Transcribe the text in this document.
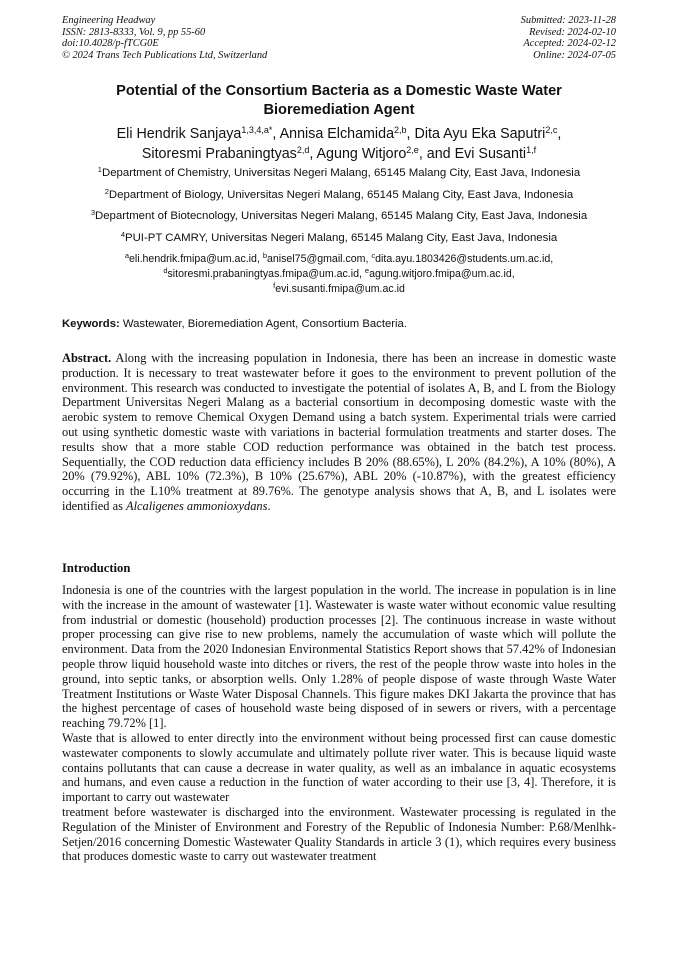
Engineering Headway
ISSN: 2813-8333, Vol. 9, pp 55-60
doi:10.4028/p-fTCG0E
© 2024 Trans Tech Publications Ltd, Switzerland
Submitted: 2023-11-28
Revised: 2024-02-10
Accepted: 2024-02-12
Online: 2024-07-05
Potential of the Consortium Bacteria as a Domestic Waste Water
Bioremediation Agent
Eli Hendrik Sanjaya$^{1,3,4,a*}$, Annisa Elchamida$^{2,b}$, Dita Ayu Eka Saputri$^{2,c}$,
Sitoresmi Prabaningtyas$^{2,d}$, Agung Witjoro$^{2,e}$, and Evi Susanti$^{1,f}$
$^1$Department of Chemistry, Universitas Negeri Malang, 65145 Malang City, East Java, Indonesia
$^2$Department of Biology, Universitas Negeri Malang, 65145 Malang City, East Java, Indonesia
$^3$Department of Biotecnology, Universitas Negeri Malang, 65145 Malang City, East Java, Indonesia
$^4$PUI-PT CAMRY, Universitas Negeri Malang, 65145 Malang City, East Java, Indonesia
$^a$eli.hendrik.fmipa@um.ac.id, $^b$anisel75@gmail.com, $^c$dita.ayu.1803426@students.um.ac.id,
$^d$sitoresmi.prabaningtyas.fmipa@um.ac.id, $^e$agung.witjoro.fmipa@um.ac.id,
$^f$evi.susanti.fmipa@um.ac.id
Keywords: Wastewater, Bioremediation Agent, Consortium Bacteria.
Abstract. Along with the increasing population in Indonesia, there has been an increase in domestic waste production. It is necessary to treat wastewater before it goes to the environment to prevent pollution of the environment. This research was conducted to investigate the potential of isolates A, B, and L from the Biology Department Universitas Negeri Malang as a bacterial consortium in decomposing domestic waste with the aerobic system to remove Chemical Oxygen Demand using a batch system. Experimental trials were carried out using synthetic domestic waste with variations in bacterial formulation treatments and starter doses. The results show that a more stable COD reduction performance was obtained in the batch test process. Sequentially, the COD reduction data efficiency includes B 20% (88.65%), L 20% (84.2%), A 10% (80%), A 20% (79.92%), ABL 10% (72.3%), B 10% (25.67%), ABL 20% (-10.87%), with the greatest efficiency occurring in the L10% treatment at 89.76%. The genotype analysis shows that A, B, and L isolates were identified as Alcaligenes ammonioxydans.
Introduction

Indonesia is one of the countries with the largest population in the world. The increase in population is in line with the increase in the amount of wastewater [1]. Wastewater is waste water without economic value resulting from industrial or domestic (household) production processes [2]. The continuous increase in waste without proper processing can give rise to new problems, namely the accumulation of waste which will pollute the environment. Data from the 2020 Indonesian Environmental Statistics Report shows that 57.42% of Indonesian people throw liquid household waste into ditches or rivers, the rest of the people throw waste into holes in the ground, into septic tanks, or absorption wells. Only 1.28% of people dispose of waste through Waste Water Treatment Institutions or Waste Water Disposal Channels. This figure makes DKI Jakarta the province that has the highest percentage of cases of household waste being disposed of in sewers or rivers, with a percentage reaching 79.72% [1].

Waste that is allowed to enter directly into the environment without being processed first can cause domestic wastewater components to slowly accumulate and ultimately pollute river water. This is because liquid waste contains pollutants that can cause a decrease in water quality, as well as an imbalance in aquatic ecosystems and humans, and even cause a reduction in the function of water according to their use [3, 4]. Therefore, it is important to carry out wastewater

treatment before wastewater is discharged into the environment. Wastewater processing is regulated in the Regulation of the Minister of Environment and Forestry of the Republic of Indonesia Number: P.68/Menlhk-Setjen/2016 concerning Domestic Wastewater Quality Standards in article 3 (1), which requires every business that produces domestic waste to carry out wastewater treatment
